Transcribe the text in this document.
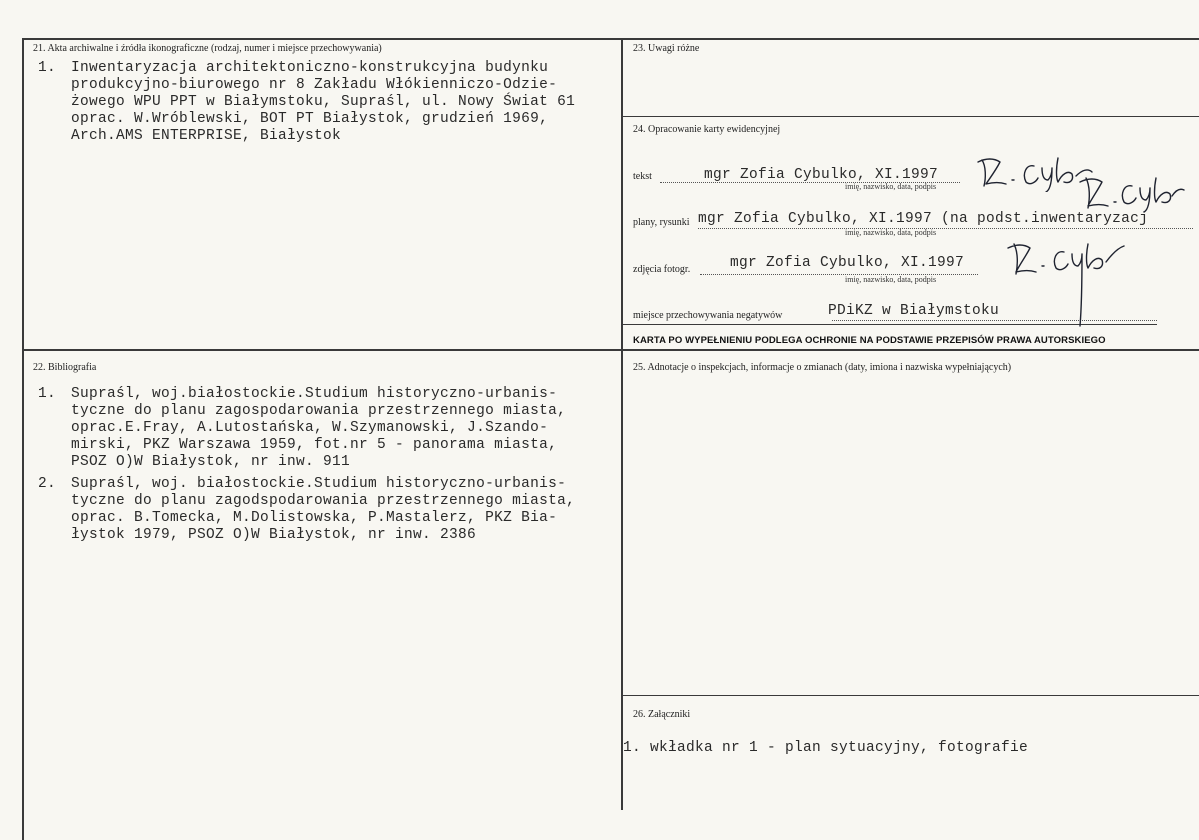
21. Akta archiwalne i źródła ikonograficzne (rodzaj, numer i miejsce przechowywania)
1. Inwentaryzacja architektoniczno-konstrukcyjna budynku
produkcyjno-biurowego nr 8 Zakładu Włókienniczo-Odzie-
żowego WPU PPT w Białymstoku, Supraśl, ul. Nowy Świat 61
oprac. W.Wróblewski, BOT PT Białystok, grudzień 1969,
Arch.AMS ENTERPRISE, Białystok
22. Bibliografia
1. Supraśl, woj.białostockie.Studium historyczno-urbanis-
tyczne do planu zagospodarowania przestrzennego miasta,
oprac.E.Fray, A.Lutostańska, W.Szymanowski, J.Szando-
mirski, PKZ Warszawa 1959, fot.nr 5 - panorama miasta,
PSOZ O)W Białystok, nr inw. 911
2. Supraśl, woj. białostockie.Studium historyczno-urbanis-
tyczne do planu zagodspodarowania przestrzennego miasta,
oprac. B.Tomecka, M.Dolistowska, P.Mastalerz, PKZ Bia-
łystok 1979, PSOZ O)W Białystok, nr inw. 2386
23. Uwagi różne
24. Opracowanie karty ewidencyjnej
tekst	mgr Zofia Cybulko, XI.1997
imię, nazwisko, data, podpis
plany, rysunki mgr Zofia Cybulko, XI.1997 (na podst.inwentaryzacj
imię, nazwisko, data, podpis
zdjęcia fotogr.	mgr Zofia Cybulko, XI.1997
imię, nazwisko, data, podpis
miejsce przechowywania negatywów	PDiKZ w Białymstoku
KARTA PO WYPEŁNIENIU PODLEGA OCHRONIE NA PODSTAWIE PRZEPISÓW PRAWA AUTORSKIEGO
25. Adnotacje o inspekcjach, informacje o zmianach (daty, imiona i nazwiska wypełniających)
26. Załączniki
1. wkładka nr 1 - plan sytuacyjny, fotografie
